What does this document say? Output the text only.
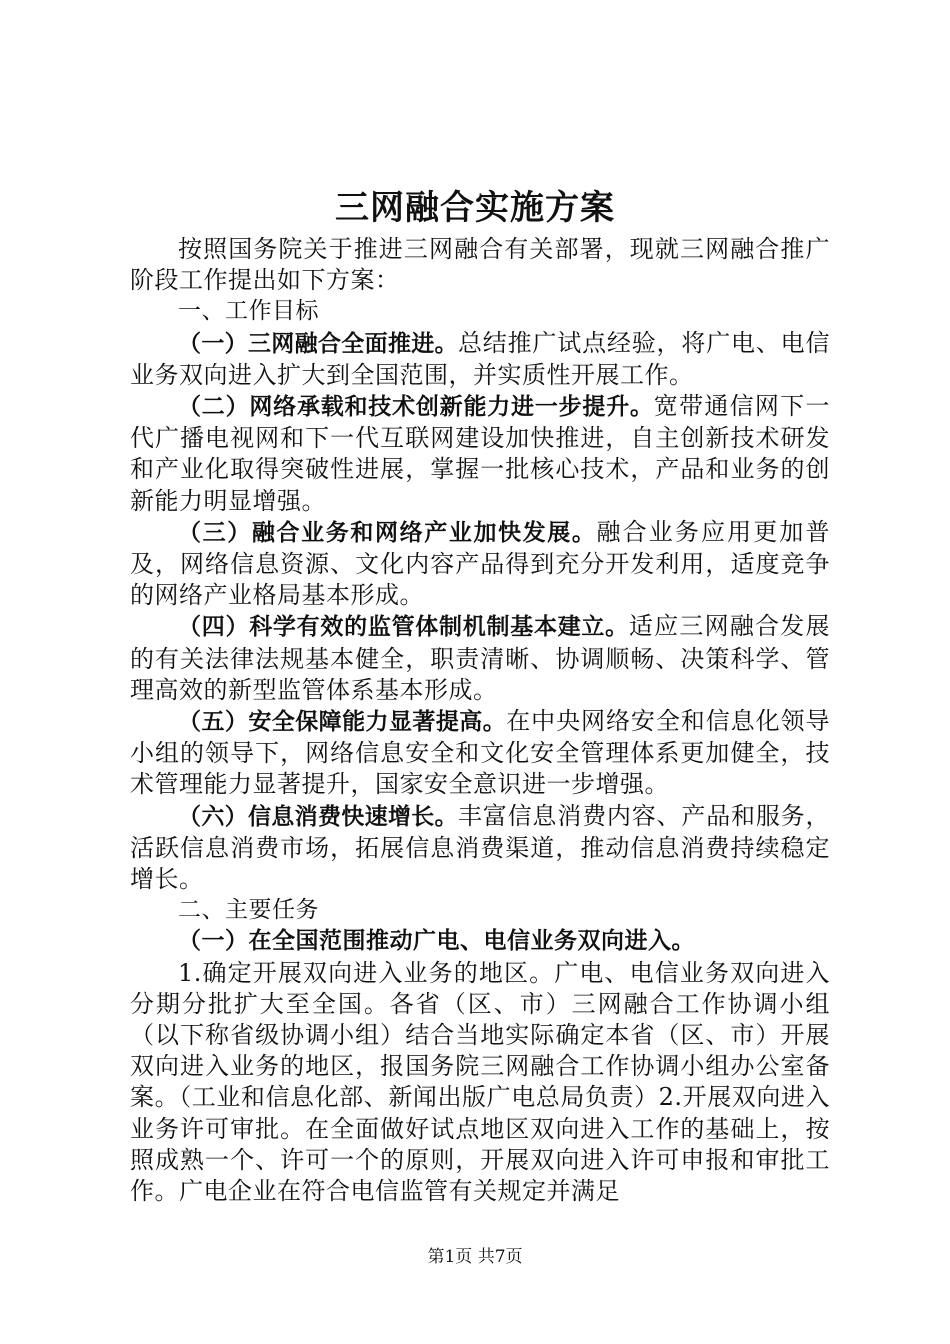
三网融合实施方案

按照国务院关于推进三网融合有关部署，现就三网融合推广阶段工作提出如下方案：

一、工作目标

（一）三网融合全面推进。总结推广试点经验，将广电、电信业务双向进入扩大到全国范围，并实质性开展工作。

（二）网络承载和技术创新能力进一步提升。宽带通信网下一代广播电视网和下一代互联网建设加快推进，自主创新技术研发和产业化取得突破性进展，掌握一批核心技术，产品和业务的创新能力明显增强。

（三）融合业务和网络产业加快发展。融合业务应用更加普及，网络信息资源、文化内容产品得到充分开发利用，适度竞争的网络产业格局基本形成。

（四）科学有效的监管体制机制基本建立。适应三网融合发展的有关法律法规基本健全，职责清晰、协调顺畅、决策科学、管理高效的新型监管体系基本形成。

（五）安全保障能力显著提高。在中央网络安全和信息化领导小组的领导下，网络信息安全和文化安全管理体系更加健全，技术管理能力显著提升，国家安全意识进一步增强。

（六）信息消费快速增长。丰富信息消费内容、产品和服务，活跃信息消费市场，拓展信息消费渠道，推动信息消费持续稳定增长。

二、主要任务

（一）在全国范围推动广电、电信业务双向进入。

1.确定开展双向进入业务的地区。广电、电信业务双向进入分期分批扩大至全国。各省（区、市）三网融合工作协调小组（以下称省级协调小组）结合当地实际确定本省（区、市）开展双向进入业务的地区，报国务院三网融合工作协调小组办公室备案。（工业和信息化部、新闻出版广电总局负责）2.开展双向进入业务许可审批。在全面做好试点地区双向进入工作的基础上，按照成熟一个、许可一个的原则，开展双向进入许可申报和审批工作。广电企业在符合电信监管有关规定并满足

第1页 共7页
